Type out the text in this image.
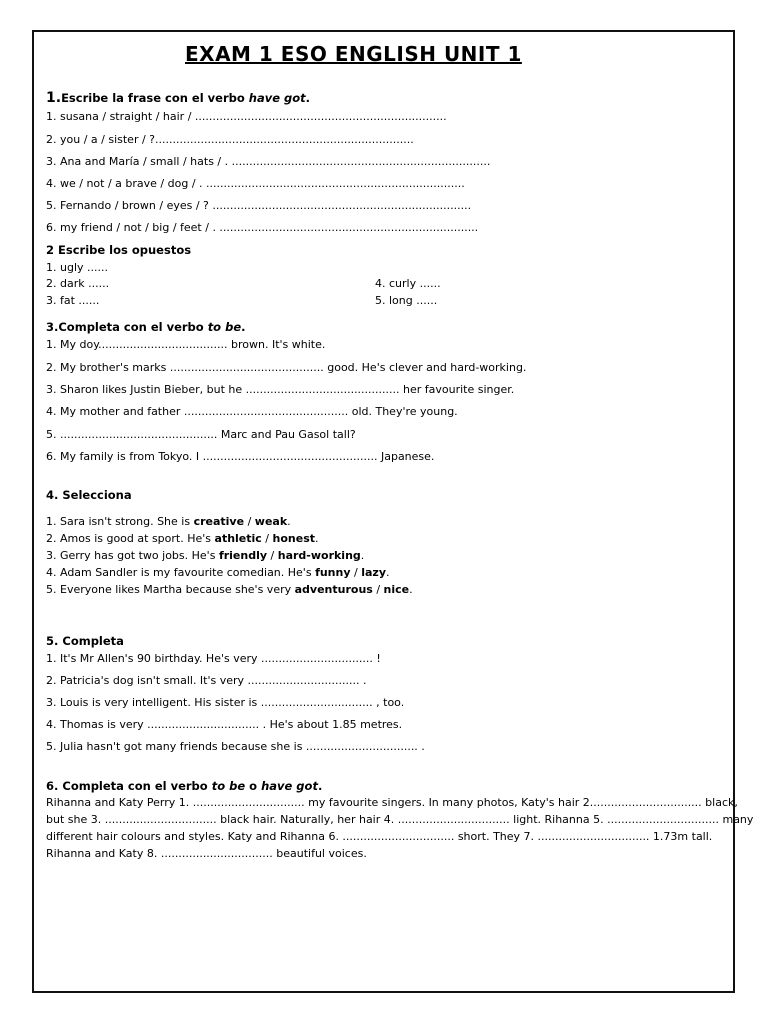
EXAM 1 ESO ENGLISH UNIT 1
1.Escribe la frase con el verbo have got.
1. susana / straight / hair / ........................................................................
2. you / a / sister / ?..........................................................................
3. Ana and María / small / hats / . ..........................................................................
4. we / not / a brave / dog / . ..........................................................................
5. Fernando / brown / eyes / ? ..........................................................................
6. my friend / not / big / feet / . ..........................................................................
2 Escribe los opuestos
1. ugly ......
2. dark ......
3. fat ......
4. curly ......
5. long ......
3.Completa con el verbo to be.
1. My doy..................................... brown. It's white.
2. My brother's marks ............................................ good. He's clever and hard-working.
3. Sharon likes Justin Bieber, but he ............................................ her favourite singer.
4. My mother and father ............................................... old. They're young.
5. ............................................. Marc and Pau Gasol tall?
6. My family is from Tokyo. I .................................................. Japanese.
4. Selecciona
1. Sara isn't strong. She is creative / weak.
2. Amos is good at sport. He's athletic / honest.
3. Gerry has got two jobs. He's friendly / hard-working.
4. Adam Sandler is my favourite comedian. He's funny / lazy.
5. Everyone likes Martha because she's very adventurous / nice.
5. Completa
1. It's Mr Allen's 90 birthday. He's very ................................ !
2. Patricia's dog isn't small. It's very ................................ .
3. Louis is very intelligent. His sister is ................................ , too.
4. Thomas is very ................................ . He's about 1.85 metres.
5. Julia hasn't got many friends because she is ................................ .
6. Completa con el verbo to be o have got.
Rihanna and Katy Perry 1. ................................ my favourite singers. In many photos, Katy's hair 2................................ black,
but she 3. ................................ black hair. Naturally, her hair 4. ................................ light. Rihanna 5. ................................ many
different hair colours and styles. Katy and Rihanna 6. ................................ short. They 7. ................................ 1.73m tall.
Rihanna and Katy 8. ................................ beautiful voices.
